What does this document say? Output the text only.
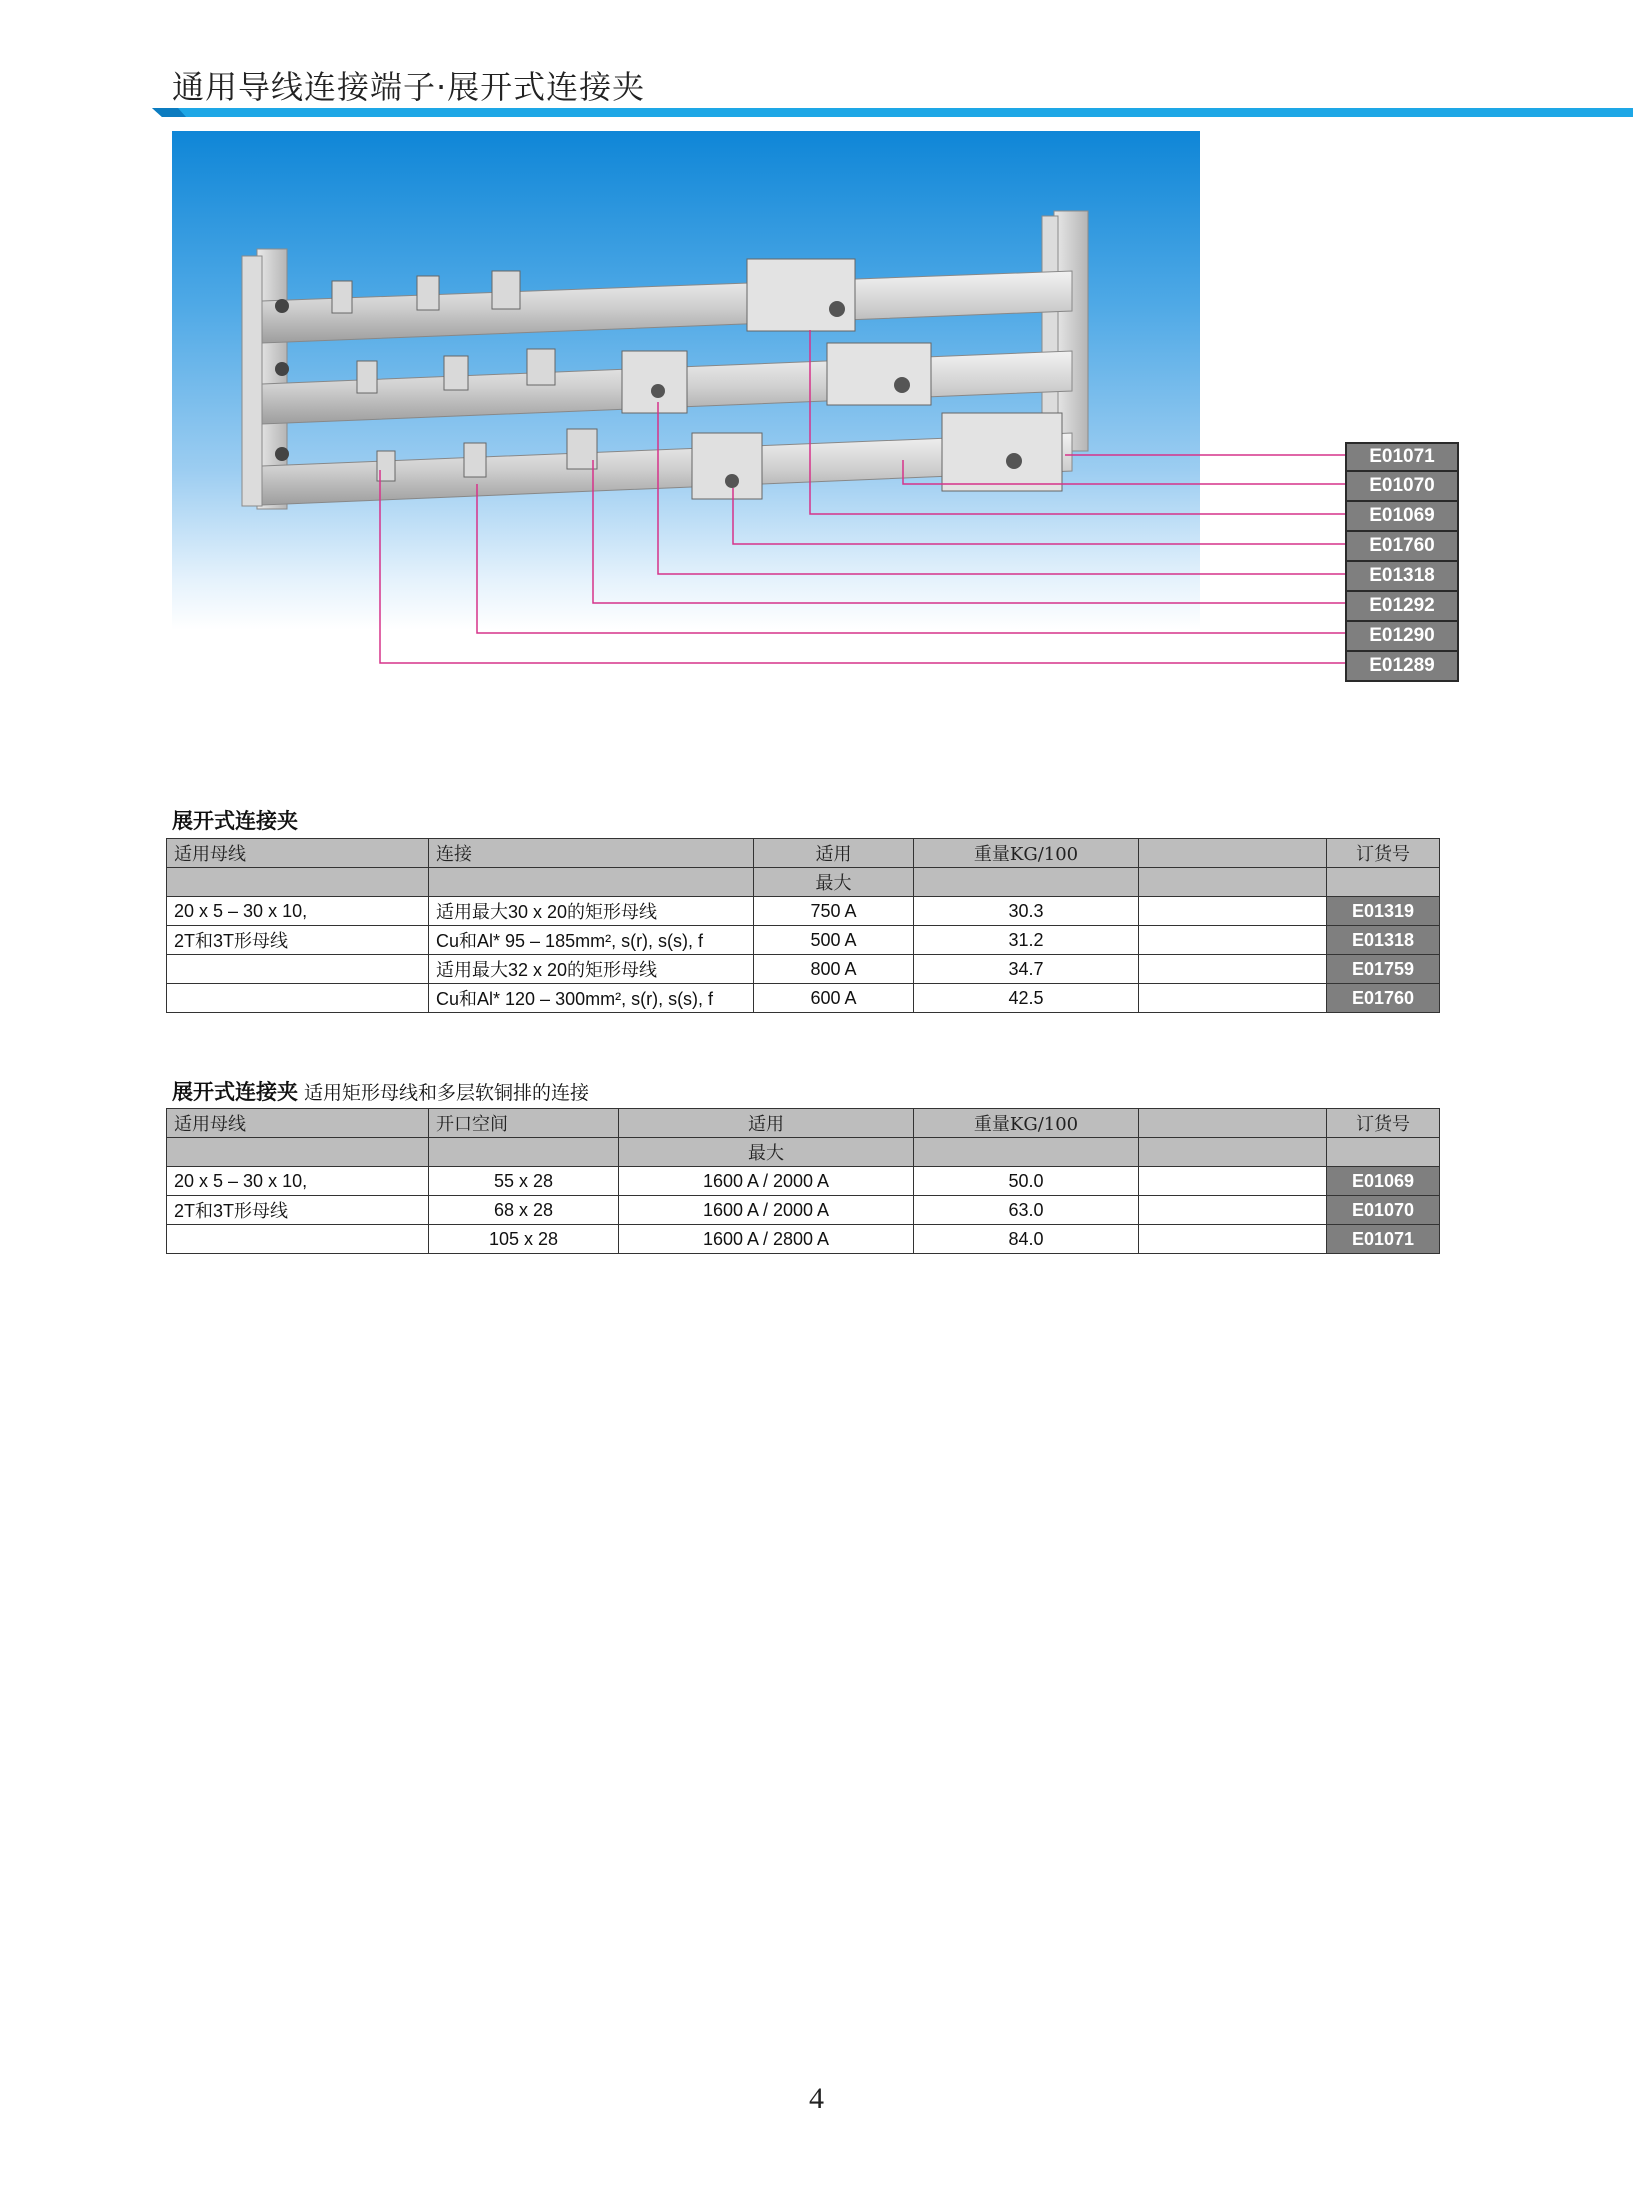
通用导线连接端子·展开式连接夹
E01071
E01070
E01069
E01760
E01318
E01292
E01290
E01289
展开式连接夹
适用母线	连接	适用	重量KG/100		订货号
		最大			
20 x 5 – 30 x 10,	适用最大30 x 20的矩形母线	750 A	30.3		E01319
2T和3T形母线	Cu和Al* 95 – 185mm², s(r), s(s), f	500 A	31.2		E01318
	适用最大32 x 20的矩形母线	800 A	34.7		E01759
	Cu和Al* 120 – 300mm², s(r), s(s), f	600 A	42.5		E01760
展开式连接夹 适用矩形母线和多层软铜排的连接
适用母线	开口空间	适用	重量KG/100		订货号
		最大			
20 x 5 – 30 x 10,	55 x 28	1600 A / 2000 A	50.0		E01069
2T和3T形母线	68 x 28	1600 A / 2000 A	63.0		E01070
	105 x 28	1600 A / 2800 A	84.0		E01071
4
